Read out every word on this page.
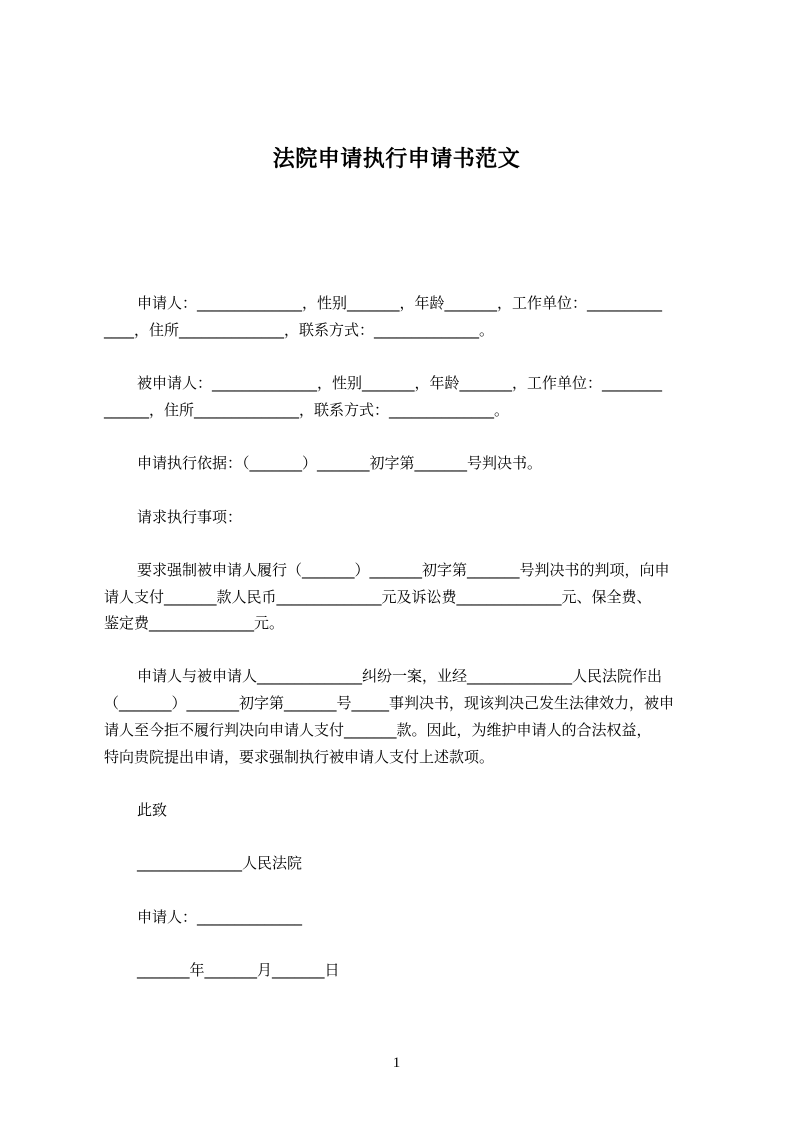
法院申请执行申请书范文
申请人：______________，性别_______，年龄_______，工作单位：__________
____，住所______________，联系方式：______________。
被申请人：______________，性别_______，年龄_______，工作单位：________
______，住所______________，联系方式：______________。
申请执行依据：（_______）_______初字第_______号判决书。
请求执行事项：
要求强制被申请人履行（_______）_______初字第_______号判决书的判项，向申
请人支付_______款人民币______________元及诉讼费______________元、保全费、
鉴定费______________元。
申请人与被申请人______________纠纷一案，业经______________人民法院作出
（_______）_______初字第_______号_____事判决书，现该判决己发生法律效力，被申
请人至今拒不履行判决向申请人支付_______款。因此，为维护申请人的合法权益，
特向贵院提出申请，要求强制执行被申请人支付上述款项。
此致
______________人民法院
申请人：______________
_______年_______月_______日
1
